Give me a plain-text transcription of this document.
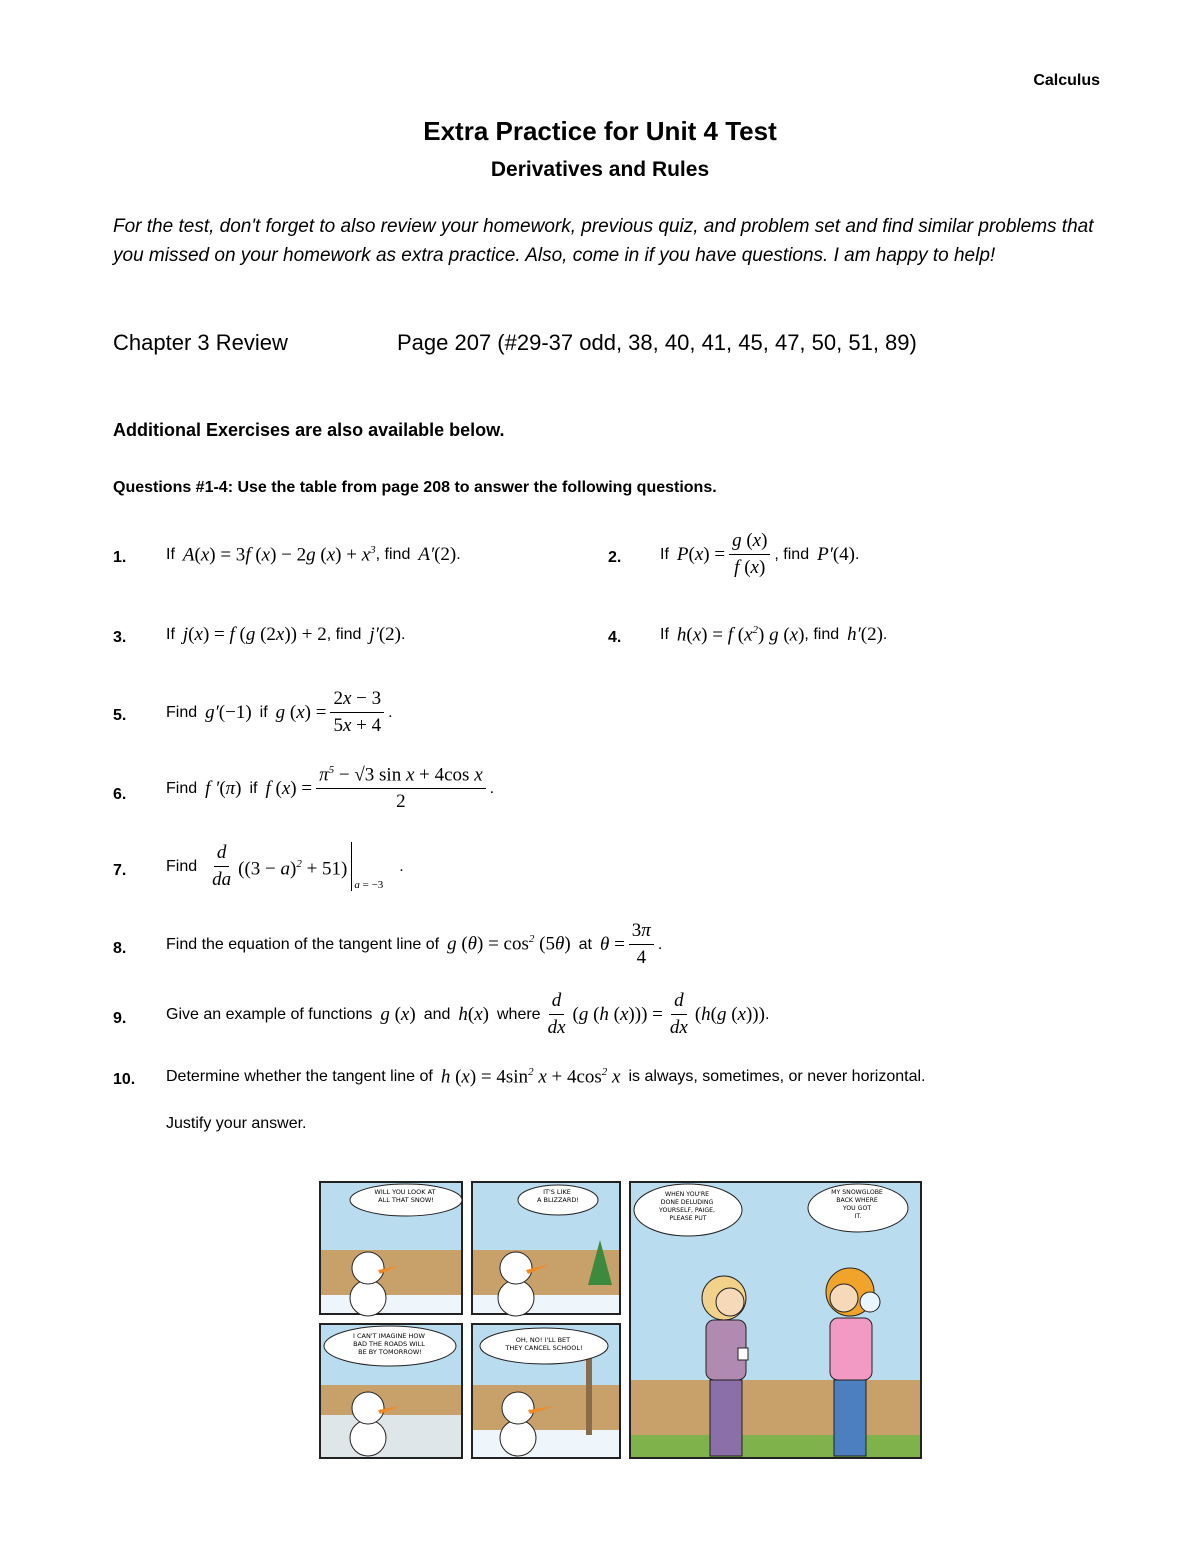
Calculus
Extra Practice for Unit 4 Test
Derivatives and Rules
For the test, don't forget to also review your homework, previous quiz, and problem set and find similar problems that you missed on your homework as extra practice. Also, come in if you have questions. I am happy to help!
Chapter 3 Review	Page 207 (#29-37 odd, 38, 40, 41, 45, 47, 50, 51, 89)
Additional Exercises are also available below.
Questions #1-4: Use the table from page 208 to answer the following questions.
1. If A(x) = 3f (x) − 2g $(x) + x^3$ , find A′(2) .	2. If $P(x) = \frac{g (x)}{f (x)}$ , find P′(4) .
3. If j(x) = f (g (2x)) + 2 , find j′(2) .	4. If h(x) = f $(x^2)$ g (x) , find h′(2) .
5. Find g′(−1) if g $(x) = \frac{2x - 3}{5x + 4}$ .
6. Find f ′(π) if f $(x) = \frac{\pi^5 - √3 \sin x + 4\cos x}{2}$ .
7. Find $\frac{d}{da} ((3 - a)^2 + 51)$
a = −3
.
8. Find the equation of the tangent line of g $(\theta) = \cos^2 (5\theta)$ at $\theta = \frac{3\pi}{4}$ .
9. Give an example of functions g (x) and h(x) where $\frac{d}{dx} (g$ (h $(x))) = \frac{d}{dx} (h(g$ (x))) .
10. Determine whether the tangent line of h $(x) = 4\sin^2$ $x + 4\cos^2$ x is always, sometimes, or never horizontal.
Justify your answer.
WILL YOU LOOK AT ALL THAT SNOW!
IT'S LIKE A BLIZZARD!
I CAN'T IMAGINE HOW BAD THE ROADS WILL BE BY TOMORROW!
OH, NO! I'LL BET THEY CANCEL SCHOOL!
WHEN YOU'RE DONE DELUDING YOURSELF, PAIGE, PLEASE PUT
MY SNOWGLOBE BACK WHERE YOU GOT IT.
